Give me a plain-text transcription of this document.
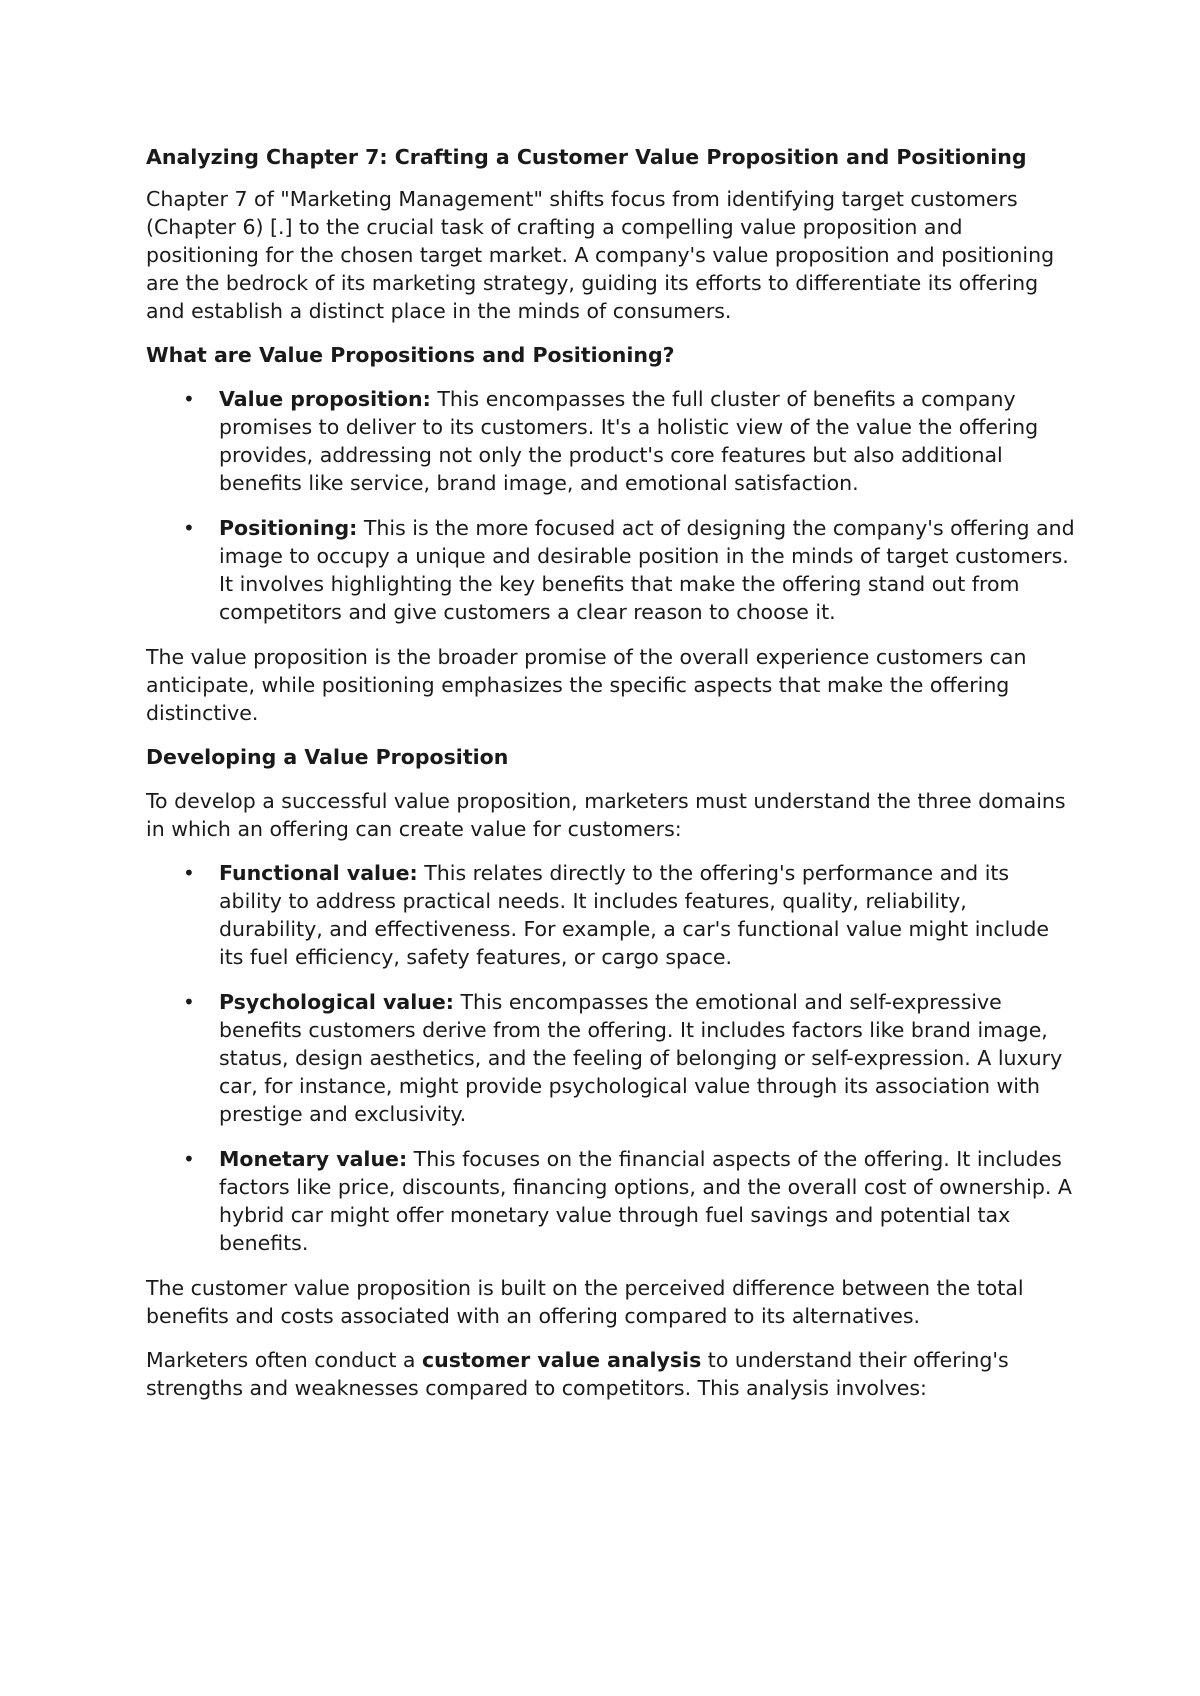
Analyzing Chapter 7: Crafting a Customer Value Proposition and Positioning

Chapter 7 of "Marketing Management" shifts focus from identifying target customers (Chapter 6) [.] to the crucial task of crafting a compelling value proposition and positioning for the chosen target market. A company's value proposition and positioning are the bedrock of its marketing strategy, guiding its efforts to differentiate its offering and establish a distinct place in the minds of consumers.

What are Value Propositions and Positioning?
• Value proposition: This encompasses the full cluster of benefits a company promises to deliver to its customers. It's a holistic view of the value the offering provides, addressing not only the product's core features but also additional benefits like service, brand image, and emotional satisfaction.
• Positioning: This is the more focused act of designing the company's offering and image to occupy a unique and desirable position in the minds of target customers. It involves highlighting the key benefits that make the offering stand out from competitors and give customers a clear reason to choose it.

The value proposition is the broader promise of the overall experience customers can anticipate, while positioning emphasizes the specific aspects that make the offering distinctive.

Developing a Value Proposition

To develop a successful value proposition, marketers must understand the three domains in which an offering can create value for customers:

• Functional value: This relates directly to the offering's performance and its ability to address practical needs. It includes features, quality, reliability, durability, and effectiveness. For example, a car's functional value might include its fuel efficiency, safety features, or cargo space.
• Psychological value: This encompasses the emotional and self-expressive benefits customers derive from the offering. It includes factors like brand image, status, design aesthetics, and the feeling of belonging or self-expression. A luxury car, for instance, might provide psychological value through its association with prestige and exclusivity.
• Monetary value: This focuses on the financial aspects of the offering. It includes factors like price, discounts, financing options, and the overall cost of ownership. A hybrid car might offer monetary value through fuel savings and potential tax benefits.

The customer value proposition is built on the perceived difference between the total benefits and costs associated with an offering compared to its alternatives.

Marketers often conduct a customer value analysis to understand their offering's strengths and weaknesses compared to competitors. This analysis involves:
